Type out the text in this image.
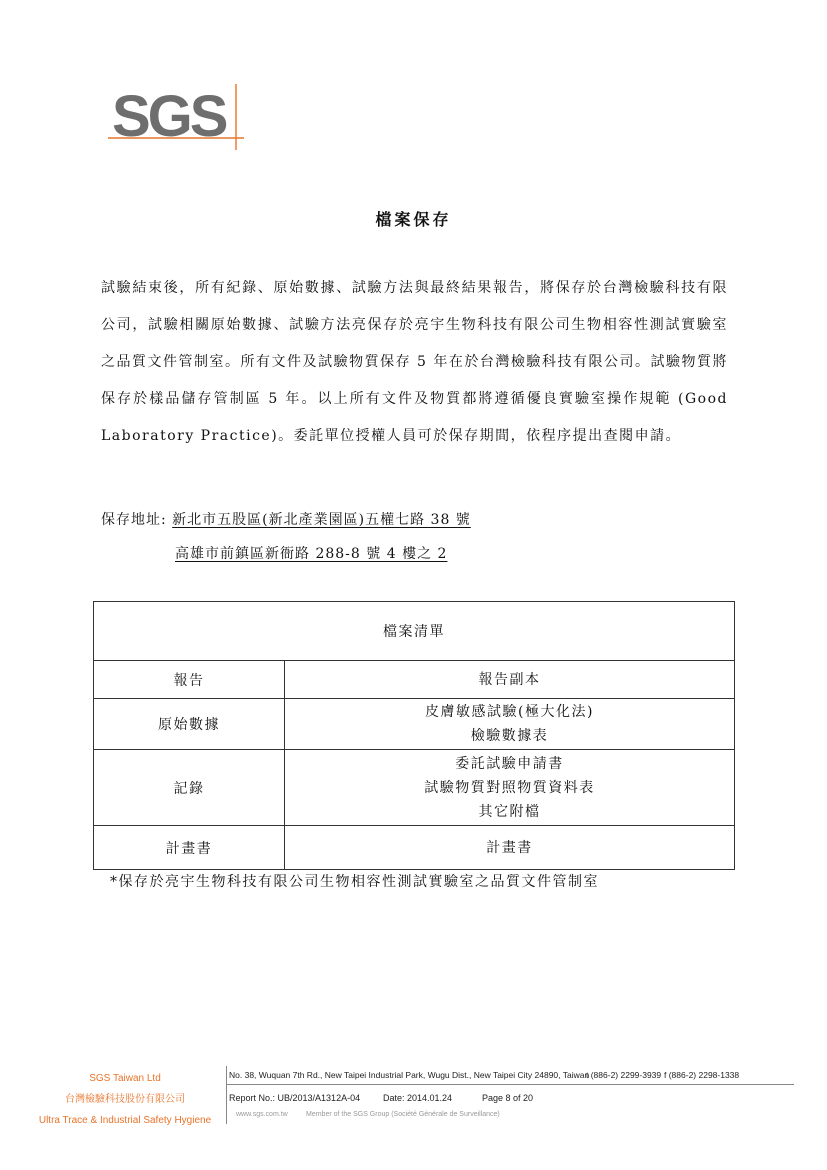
SGS
檔案保存
試驗結束後，所有紀錄、原始數據、試驗方法與最終結果報告，將保存於台灣檢驗科技有限公司，試驗相關原始數據、試驗方法亮保存於亮宇生物科技有限公司生物相容性測試實驗室之品質文件管制室。所有文件及試驗物質保存 5 年在於台灣檢驗科技有限公司。試驗物質將保存於樣品儲存管制區 5 年。以上所有文件及物質都將遵循優良實驗室操作規範 (Good Laboratory Practice)。委託單位授權人員可於保存期間，依程序提出查閱申請。
保存地址: 新北市五股區(新北產業園區)五權七路 38 號
高雄市前鎮區新衙路 288-8 號 4 樓之 2
檔案清單	
報告	報告副本

原始數據	皮膚敏感試驗(極大化法)
檢驗數據表

記錄	委託試驗申請書
試驗物質對照物質資料表
其它附檔

計畫書	計畫書
*保存於亮宇生物科技有限公司生物相容性測試實驗室之品質文件管制室
SGS Taiwan Ltd
台灣檢驗科技股份有限公司
Ultra Trace & Industrial Safety Hygiene
No. 38, Wuquan 7th Rd., New Taipei Industrial Park, Wugu Dist., New Taipei City 24890, Taiwan
t (886-2) 2299-3939 f (886-2) 2298-1338
Report No.: UB/2013/A1312A-04	Date: 2014.01.24	Page 8 of 20
www.sgs.com.tw	Member of the SGS Group (Société Générale de Surveillance)
